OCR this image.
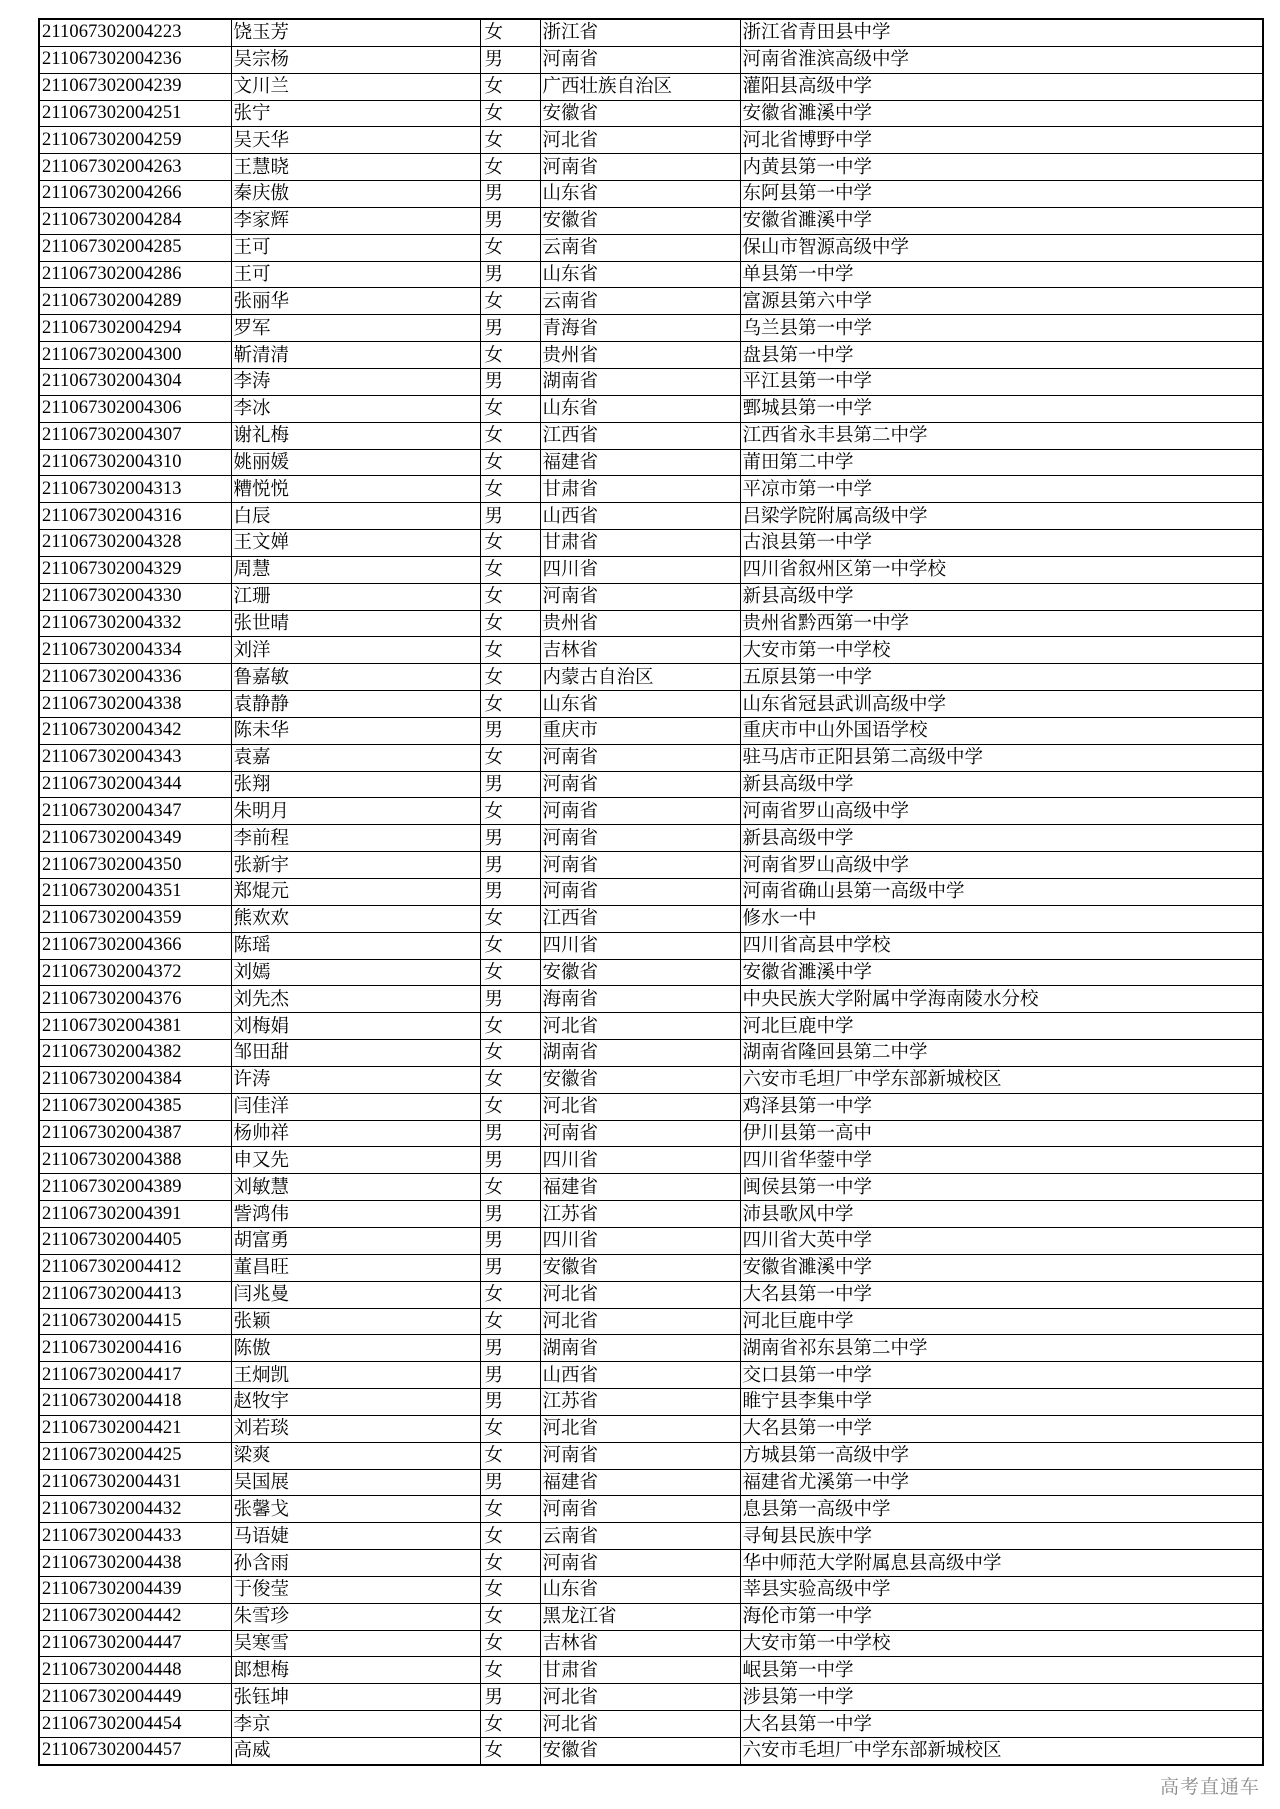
211067302004223	饶玉芳	女	浙江省	浙江省青田县中学
211067302004236	吴宗杨	男	河南省	河南省淮滨高级中学
211067302004239	文川兰	女	广西壮族自治区	灌阳县高级中学
211067302004251	张宁	女	安徽省	安徽省濉溪中学
211067302004259	吴天华	女	河北省	河北省博野中学
211067302004263	王慧晓	女	河南省	内黄县第一中学
211067302004266	秦庆傲	男	山东省	东阿县第一中学
211067302004284	李家辉	男	安徽省	安徽省濉溪中学
211067302004285	王可	女	云南省	保山市智源高级中学
211067302004286	王可	男	山东省	单县第一中学
211067302004289	张丽华	女	云南省	富源县第六中学
211067302004294	罗军	男	青海省	乌兰县第一中学
211067302004300	靳清清	女	贵州省	盘县第一中学
211067302004304	李涛	男	湖南省	平江县第一中学
211067302004306	李冰	女	山东省	鄄城县第一中学
211067302004307	谢礼梅	女	江西省	江西省永丰县第二中学
211067302004310	姚丽媛	女	福建省	莆田第二中学
211067302004313	糟悦悦	女	甘肃省	平凉市第一中学
211067302004316	白辰	男	山西省	吕梁学院附属高级中学
211067302004328	王文婵	女	甘肃省	古浪县第一中学
211067302004329	周慧	女	四川省	四川省叙州区第一中学校
211067302004330	江珊	女	河南省	新县高级中学
211067302004332	张世晴	女	贵州省	贵州省黔西第一中学
211067302004334	刘洋	女	吉林省	大安市第一中学校
211067302004336	鲁嘉敏	女	内蒙古自治区	五原县第一中学
211067302004338	袁静静	女	山东省	山东省冠县武训高级中学
211067302004342	陈未华	男	重庆市	重庆市中山外国语学校
211067302004343	袁嘉	女	河南省	驻马店市正阳县第二高级中学
211067302004344	张翔	男	河南省	新县高级中学
211067302004347	朱明月	女	河南省	河南省罗山高级中学
211067302004349	李前程	男	河南省	新县高级中学
211067302004350	张新宇	男	河南省	河南省罗山高级中学
211067302004351	郑焜元	男	河南省	河南省确山县第一高级中学
211067302004359	熊欢欢	女	江西省	修水一中
211067302004366	陈瑶	女	四川省	四川省高县中学校
211067302004372	刘嫣	女	安徽省	安徽省濉溪中学
211067302004376	刘先杰	男	海南省	中央民族大学附属中学海南陵水分校
211067302004381	刘梅娟	女	河北省	河北巨鹿中学
211067302004382	邹田甜	女	湖南省	湖南省隆回县第二中学
211067302004384	许涛	女	安徽省	六安市毛坦厂中学东部新城校区
211067302004385	闫佳洋	女	河北省	鸡泽县第一中学
211067302004387	杨帅祥	男	河南省	伊川县第一高中
211067302004388	申又先	男	四川省	四川省华蓥中学
211067302004389	刘敏慧	女	福建省	闽侯县第一中学
211067302004391	訾鸿伟	男	江苏省	沛县歌风中学
211067302004405	胡富勇	男	四川省	四川省大英中学
211067302004412	董昌旺	男	安徽省	安徽省濉溪中学
211067302004413	闫兆曼	女	河北省	大名县第一中学
211067302004415	张颖	女	河北省	河北巨鹿中学
211067302004416	陈傲	男	湖南省	湖南省祁东县第二中学
211067302004417	王炯凯	男	山西省	交口县第一中学
211067302004418	赵牧宇	男	江苏省	睢宁县李集中学
211067302004421	刘若琰	女	河北省	大名县第一中学
211067302004425	梁爽	女	河南省	方城县第一高级中学
211067302004431	吴国展	男	福建省	福建省尤溪第一中学
211067302004432	张馨戈	女	河南省	息县第一高级中学
211067302004433	马语婕	女	云南省	寻甸县民族中学
211067302004438	孙含雨	女	河南省	华中师范大学附属息县高级中学
211067302004439	于俊莹	女	山东省	莘县实验高级中学
211067302004442	朱雪珍	女	黑龙江省	海伦市第一中学
211067302004447	吴寒雪	女	吉林省	大安市第一中学校
211067302004448	郎想梅	女	甘肃省	岷县第一中学
211067302004449	张钰坤	男	河北省	涉县第一中学
211067302004454	李京	女	河北省	大名县第一中学
211067302004457	高威	女	安徽省	六安市毛坦厂中学东部新城校区
高考直通车
